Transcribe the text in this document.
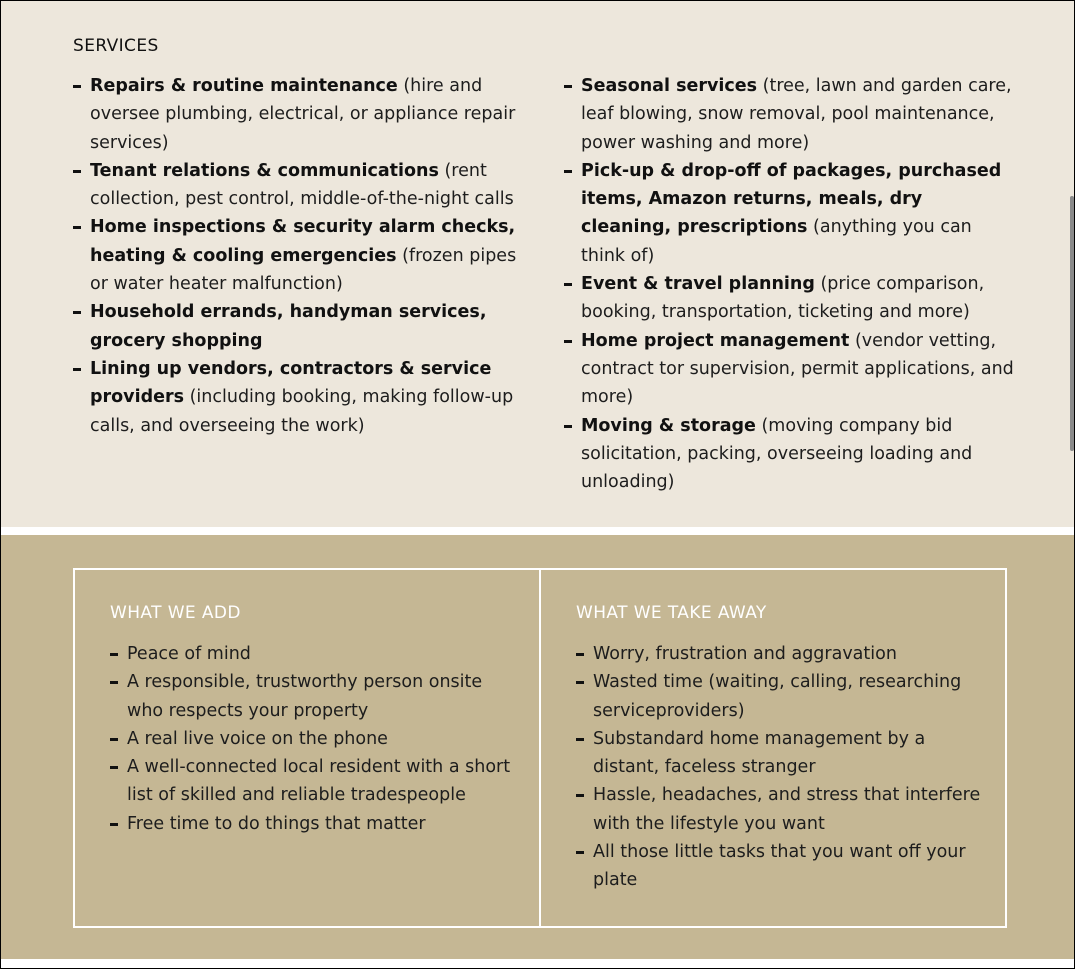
SERVICES
Repairs & routine maintenance (hire and oversee plumbing, electrical, or appliance repair services)
Tenant relations & communications (rent collection, pest control, middle-of-the-night calls
Home inspections & security alarm checks, heating & cooling emergencies (frozen pipes or water heater malfunction)
Household errands, handyman services, grocery shopping
Lining up vendors, contractors & service providers (including booking, making follow-up calls, and overseeing the work)
Seasonal services (tree, lawn and garden care, leaf blowing, snow removal, pool maintenance, power washing and more)
Pick-up & drop-off of packages, purchased items, Amazon returns, meals, dry cleaning, prescriptions (anything you can think of)
Event & travel planning (price comparison, booking, transportation, ticketing and more)
Home project management (vendor vetting, contract tor supervision, permit applications, and more)
Moving & storage (moving company bid solicitation, packing, overseeing loading and unloading)
WHAT WE ADD
Peace of mind
A responsible, trustworthy person onsite who respects your property
A real live voice on the phone
A well-connected local resident with a short list of skilled and reliable tradespeople
Free time to do things that matter
WHAT WE TAKE AWAY
Worry, frustration and aggravation
Wasted time (waiting, calling, researching serviceproviders)
Substandard home management by a distant, faceless stranger
Hassle, headaches, and stress that interfere with the lifestyle you want
All those little tasks that you want off your plate
